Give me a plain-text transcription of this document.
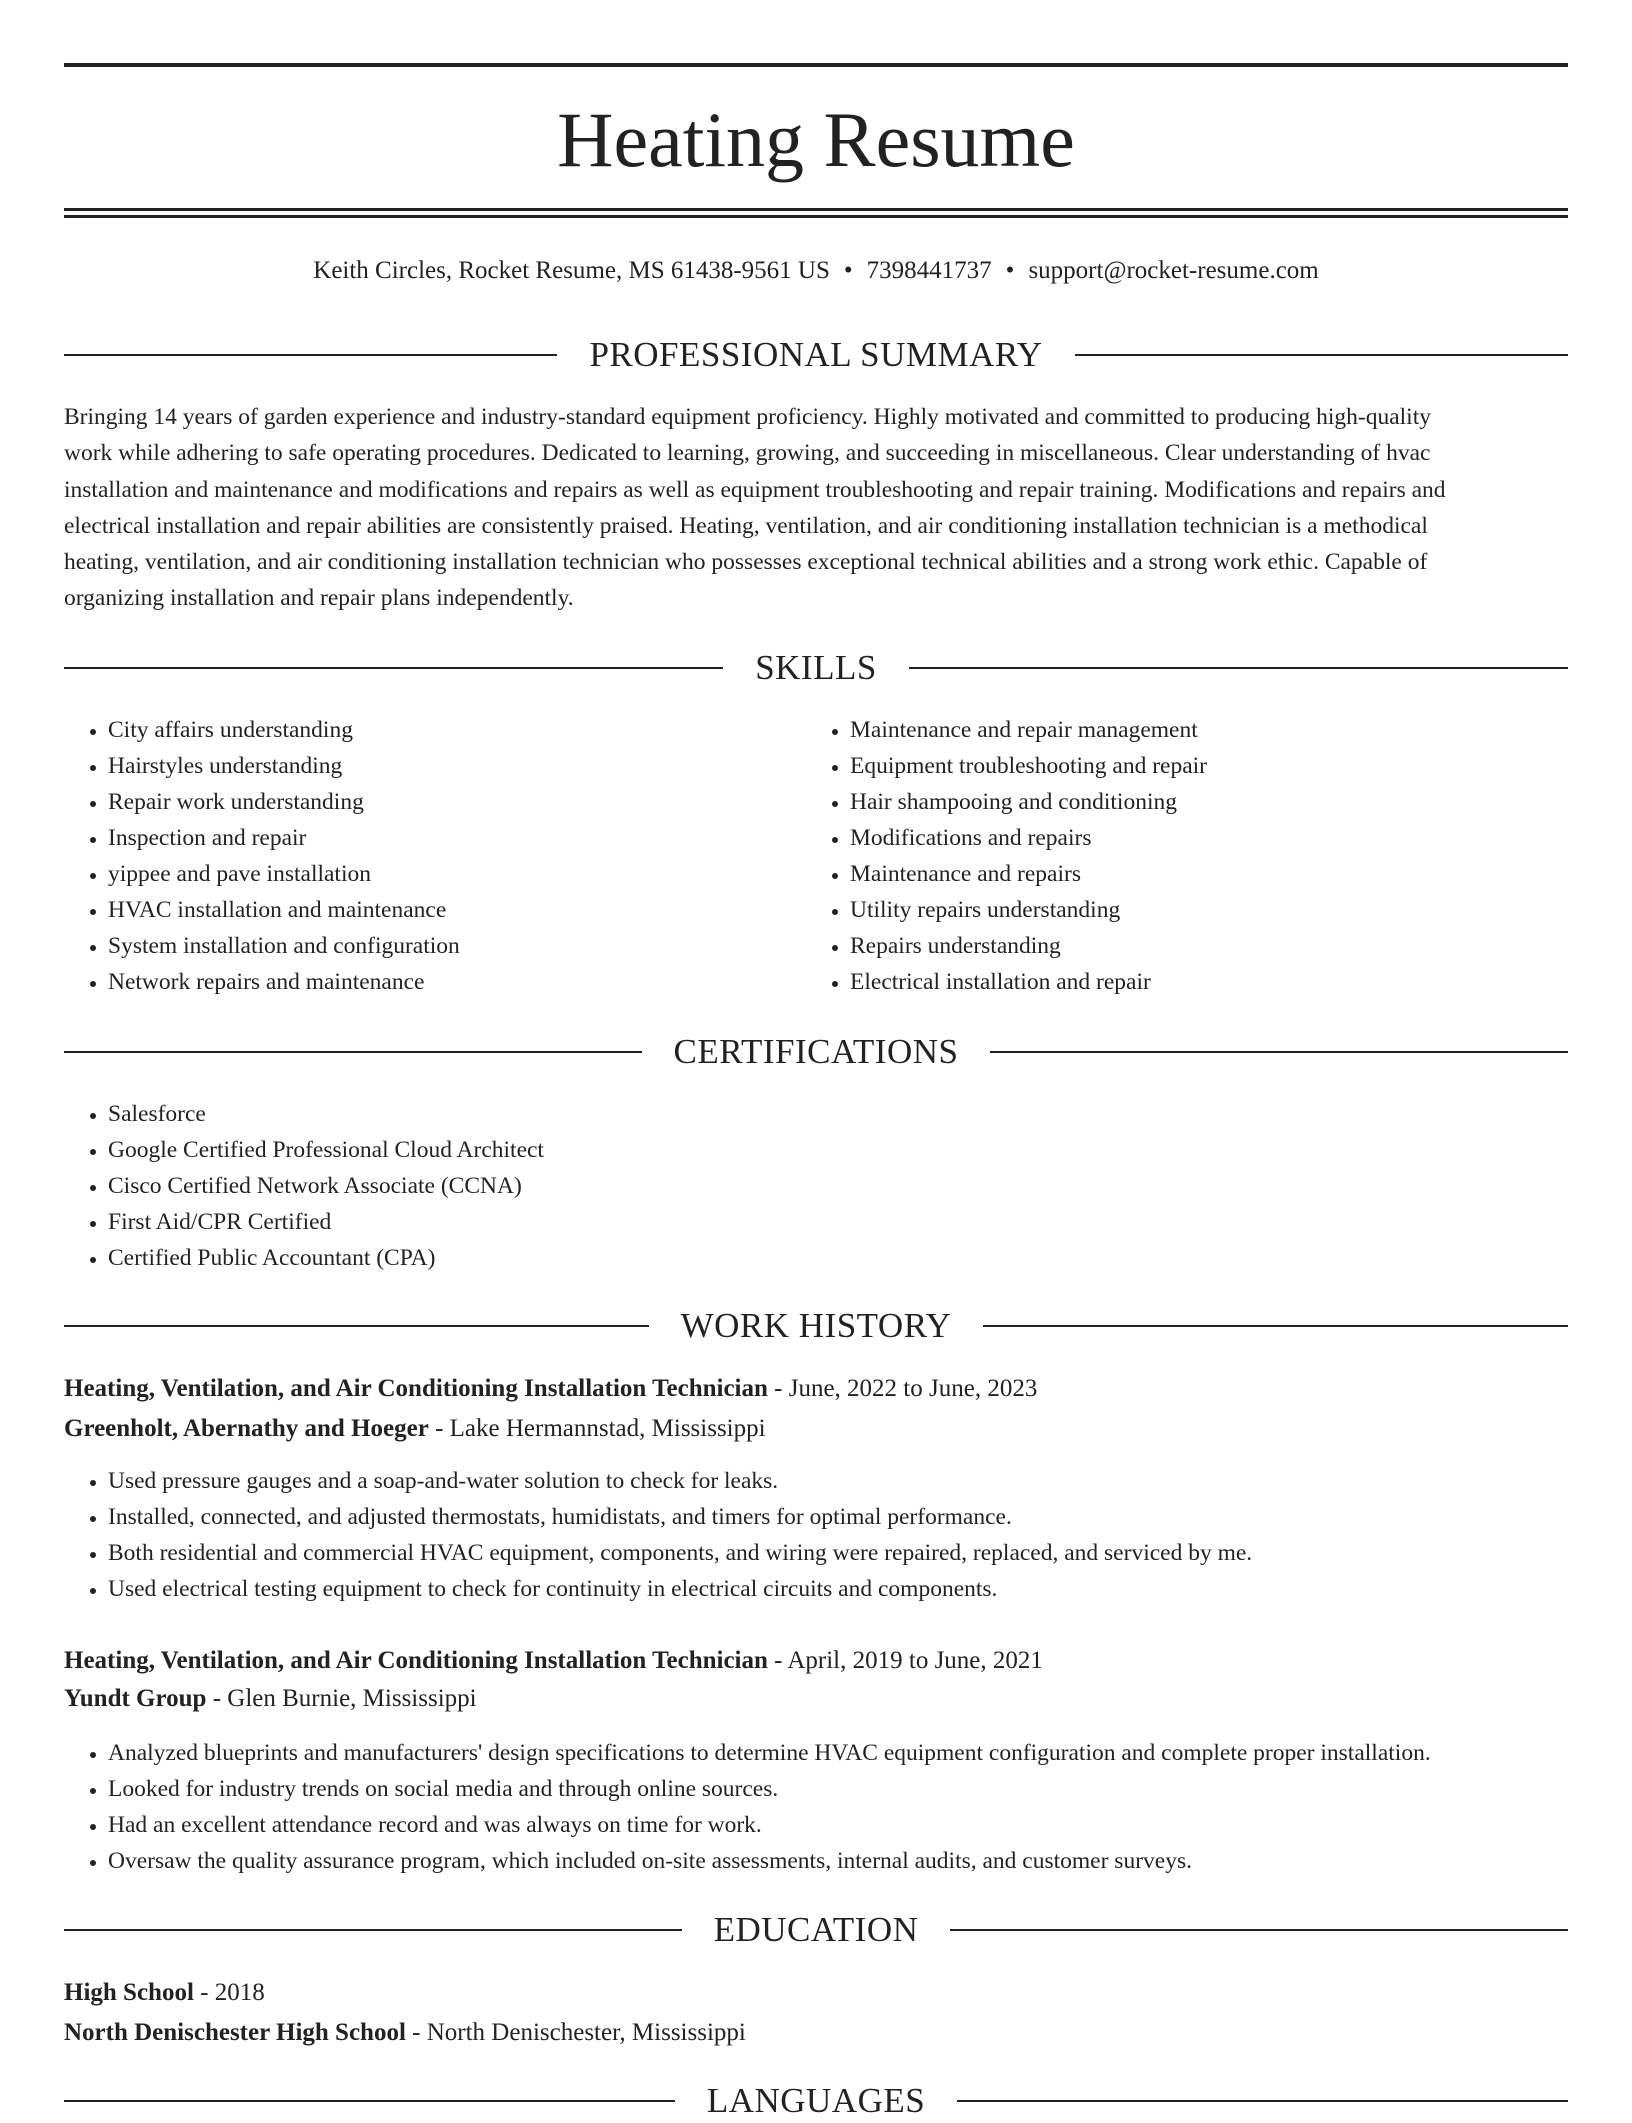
Heating Resume
Keith Circles, Rocket Resume, MS 61438-9561 US • 7398441737 • support@rocket-resume.com
PROFESSIONAL SUMMARY
Bringing 14 years of garden experience and industry-standard equipment proficiency. Highly motivated and committed to producing high-quality
work while adhering to safe operating procedures. Dedicated to learning, growing, and succeeding in miscellaneous. Clear understanding of hvac
installation and maintenance and modifications and repairs as well as equipment troubleshooting and repair training. Modifications and repairs and
electrical installation and repair abilities are consistently praised. Heating, ventilation, and air conditioning installation technician is a methodical
heating, ventilation, and air conditioning installation technician who possesses exceptional technical abilities and a strong work ethic. Capable of
organizing installation and repair plans independently.
SKILLS
• City affairs understanding
• Hairstyles understanding
• Repair work understanding
• Inspection and repair
• yippee and pave installation
• HVAC installation and maintenance
• System installation and configuration
• Network repairs and maintenance
• Maintenance and repair management
• Equipment troubleshooting and repair
• Hair shampooing and conditioning
• Modifications and repairs
• Maintenance and repairs
• Utility repairs understanding
• Repairs understanding
• Electrical installation and repair
CERTIFICATIONS
• Salesforce
• Google Certified Professional Cloud Architect
• Cisco Certified Network Associate (CCNA)
• First Aid/CPR Certified
• Certified Public Accountant (CPA)
WORK HISTORY
Heating, Ventilation, and Air Conditioning Installation Technician - June, 2022 to June, 2023
Greenholt, Abernathy and Hoeger - Lake Hermannstad, Mississippi
• Used pressure gauges and a soap-and-water solution to check for leaks.
• Installed, connected, and adjusted thermostats, humidistats, and timers for optimal performance.
• Both residential and commercial HVAC equipment, components, and wiring were repaired, replaced, and serviced by me.
• Used electrical testing equipment to check for continuity in electrical circuits and components.
Heating, Ventilation, and Air Conditioning Installation Technician - April, 2019 to June, 2021
Yundt Group - Glen Burnie, Mississippi
• Analyzed blueprints and manufacturers' design specifications to determine HVAC equipment configuration and complete proper installation.
• Looked for industry trends on social media and through online sources.
• Had an excellent attendance record and was always on time for work.
• Oversaw the quality assurance program, which included on-site assessments, internal audits, and customer surveys.
EDUCATION
High School - 2018
North Denischester High School - North Denischester, Mississippi
LANGUAGES
